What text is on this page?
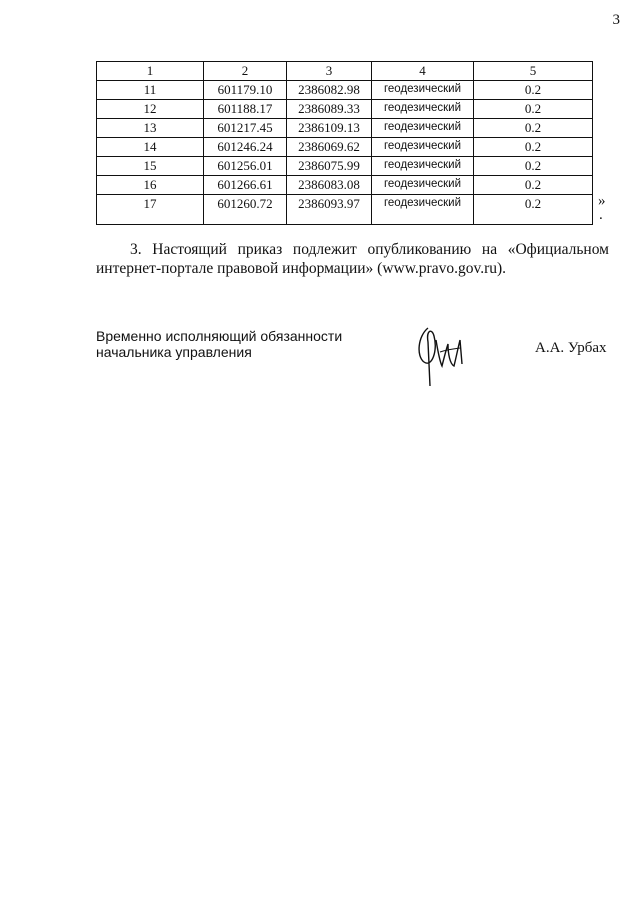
3
1	2	3	4	5
11	601179.10	2386082.98	геодезический	0.2
12	601188.17	2386089.33	геодезический	0.2
13	601217.45	2386109.13	геодезический	0.2
14	601246.24	2386069.62	геодезический	0.2
15	601256.01	2386075.99	геодезический	0.2
16	601266.61	2386083.08	геодезический	0.2
17	601260.72	2386093.97	геодезический	0.2	»
.
3. Настоящий приказ подлежит опубликованию на «Официальном
интернет-портале правовой информации» (www.pravo.gov.ru).
Временно исполняющий обязанности
начальника управления	А.А. Урбах
